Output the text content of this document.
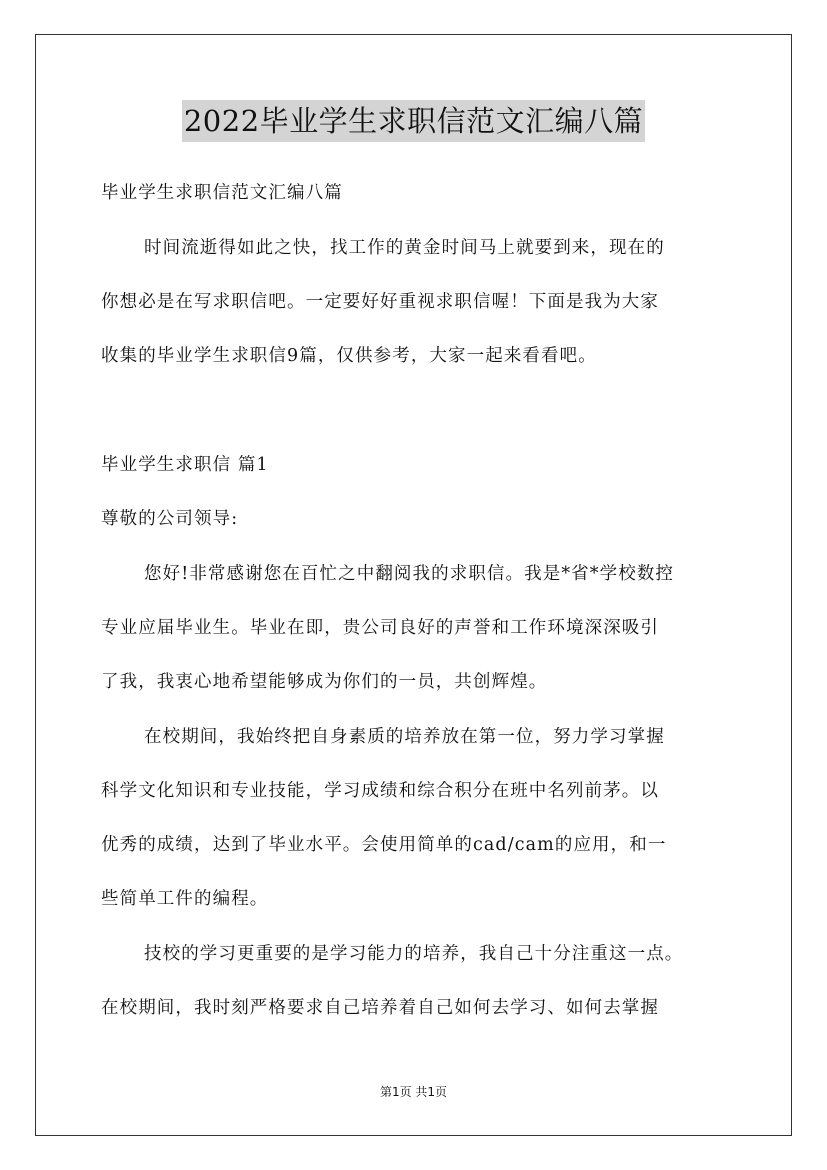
2022毕业学生求职信范文汇编八篇

毕业学生求职信范文汇编八篇

时间流逝得如此之快，找工作的黄金时间马上就要到来，现在的

你想必是在写求职信吧。一定要好好重视求职信喔！下面是我为大家

收集的毕业学生求职信9篇，仅供参考，大家一起来看看吧。

毕业学生求职信 篇1

尊敬的公司领导:

您好!非常感谢您在百忙之中翻阅我的求职信。我是*省*学校数控

专业应届毕业生。毕业在即，贵公司良好的声誉和工作环境深深吸引

了我，我衷心地希望能够成为你们的一员，共创辉煌。

在校期间，我始终把自身素质的培养放在第一位，努力学习掌握

科学文化知识和专业技能，学习成绩和综合积分在班中名列前茅。以

优秀的成绩，达到了毕业水平。会使用简单的cad/cam的应用，和一

些简单工件的编程。

技校的学习更重要的是学习能力的培养，我自己十分注重这一点。

在校期间，我时刻严格要求自己培养着自己如何去学习、如何去掌握

第1页 共1页
